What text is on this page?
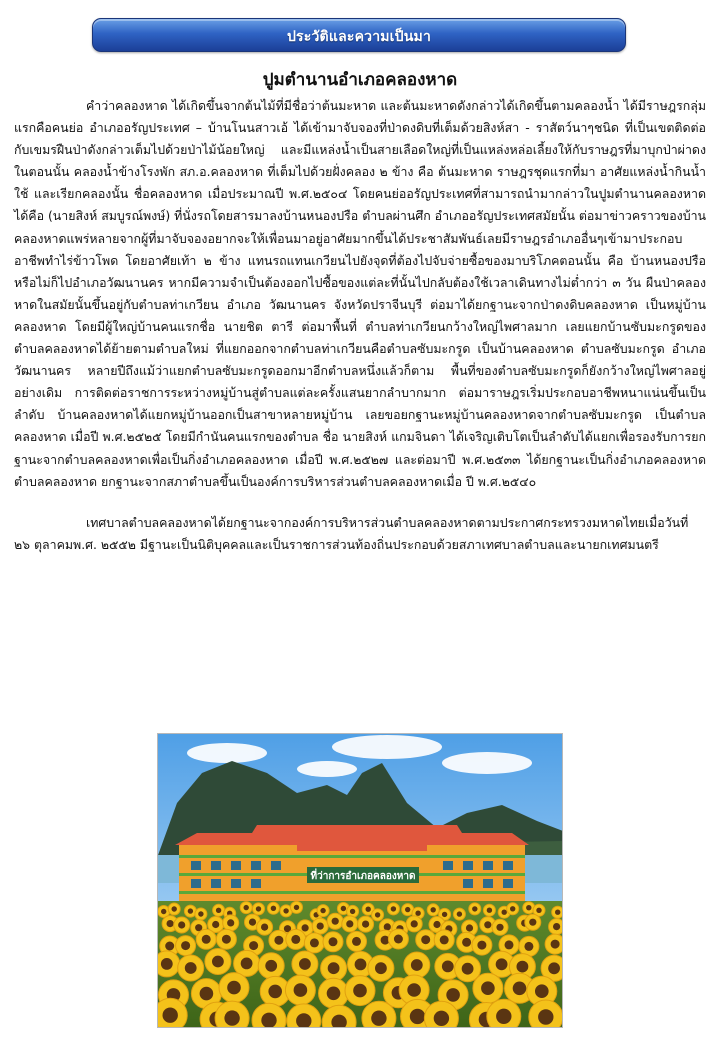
ประวัติและความเป็นมา
ปูมตำนานอำเภอคลองหาด

คำว่าคลองหาด ได้เกิดขึ้นจากต้นไม้ที่มีชื่อว่าต้นมะหาด และต้นมะหาดดังกล่าวได้เกิดขึ้นตามคลองน้ำ ได้มีราษฎรกลุ่มแรกคือคนย่อ อำเภออรัญประเทศ – บ้านโนนสาวเอ้ ได้เข้ามาจับจองที่ป่าดงดิบที่เต็มด้วยสิงห์สา - ราสัตว์นาๆชนิด ที่เป็นเขตติดต่อกับเขมรฝืนป่าดังกล่าวเต็มไปด้วยป่าไม้น้อยใหญ่ และมีแหล่งน้ำเป็นสายเลือดใหญ่ที่เป็นแหล่งหล่อเลี้ยงให้กับราษฎรที่มาบุกป่าผ่าดงในตอนนั้น คลองน้ำข้างโรงพัก สภ.อ.คลองหาด ที่เต็มไปด้วยฝั่งคลอง ๒ ข้าง คือ ต้นมะหาด ราษฎรชุดแรกที่มา อาศัยแหล่งน้ำกินน้ำใช้ และเรียกคลองนั้น ชื่อคลองหาด เมื่อประมาณปี พ.ศ.๒๕๐๔ โดยคนย่ออรัญประเทศที่สามารถนำมากล่าวในปูมตำนานคลองหาดได้คือ (นายสิงห์ สมบูรณ์พงษ์) ที่นั่งรถโดยสารมาลงบ้านหนองปรือ ตำบลผ่านศึก อำเภออรัญประเทศสมัยนั้น ต่อมาข่าวคราวของบ้านคลองหาดแพร่หลายจากผู้ที่มาจับจองอยากจะให้เพื่อนมาอยู่อาศัยมากขึ้นได้ประชาสัมพันธ์เลยมีราษฎรอำเภออื่นๆเข้ามาประกอบอาชีพทำไร่ข้าวโพด โดยอาศัยเท้า ๒ ข้าง แทนรถแทนเกวียนไปยังจุดที่ต้องไปจับจ่ายซื้อของมาบริโภคตอนนั้น คือ บ้านหนองปรือ หรือไม่ก็ไปอำเภอวัฒนานคร หากมีความจำเป็นต้องออกไปซื้อของแต่ละที่นั้นไปกลับต้องใช้เวลาเดินทางไม่ต่ำกว่า ๓ วัน ผืนป่าคลองหาดในสมัยนั้นขึ้นอยู่กับตำบลท่าเกวียน อำเภอ วัฒนานคร จังหวัดปราจีนบุรี ต่อมาได้ยกฐานะจากป่าดงดิบคลองหาด เป็นหมู่บ้านคลองหาด โดยมีผู้ใหญ่บ้านคนแรกชื่อ นายชิต ตารี ต่อมาพื้นที่ ตำบลท่าเกวียนกว้างใหญ่ไพศาลมาก เลยแยกบ้านซับมะกรูดของตำบลคลองหาดได้ย้ายตามตำบลใหม่ ที่แยกออกจากตำบลท่าเกวียนคือตำบลซับมะกรูด เป็นบ้านคลองหาด ตำบลซับมะกรูด อำเภอวัฒนานคร หลายปีถึงแม้ว่าแยกตำบลซับมะกรูดออกมาอีกตำบลหนึ่งแล้วก็ตาม พื้นที่ของตำบลซับมะกรูดก็ยังกว้างใหญ่ไพศาลอยู่อย่างเดิม การติดต่อราชการระหว่างหมู่บ้านสู่ตำบลแต่ละครั้งแสนยากลำบากมาก ต่อมาราษฎรเริ่มประกอบอาชีพหนาแน่นขึ้นเป็นลำดับ บ้านคลองหาดได้แยกหมู่บ้านออกเป็นสาขาหลายหมู่บ้าน เลยขอยกฐานะหมู่บ้านคลองหาดจากตำบลซับมะกรูด เป็นตำบลคลองหาด เมื่อปี พ.ศ.๒๕๒๕ โดยมีกำนันคนแรกของตำบล ชื่อ นายสิงห์ แกมจินดา ได้เจริญเติบโตเป็นลำดับได้แยกเพื่อรองรับการยกฐานะจากตำบลคลองหาดเพื่อเป็นกิ่งอำเภอคลองหาด เมื่อปี พ.ศ.๒๕๒๗ และต่อมาปี พ.ศ.๒๕๓๓ ได้ยกฐานะเป็นกิ่งอำเภอคลองหาด ตำบลคลองหาด ยกฐานะจากสภาตำบลขึ้นเป็นองค์การบริหารส่วนตำบลคลองหาดเมื่อ ปี พ.ศ.๒๕๔๐

เทศบาลตำบลคลองหาดได้ยกฐานะจากองค์การบริหารส่วนตำบลคลองหาดตามประกาศกระทรวงมหาดไทยเมื่อวันที่ ๒๖ ตุลาคมพ.ศ. ๒๕๕๒ มีฐานะเป็นนิติบุคคลและเป็นราชการส่วนท้องถิ่นประกอบด้วยสภาเทศบาลตำบลและนายกเทศมนตรี

ที่ว่าการอำเภอคลองหาด
